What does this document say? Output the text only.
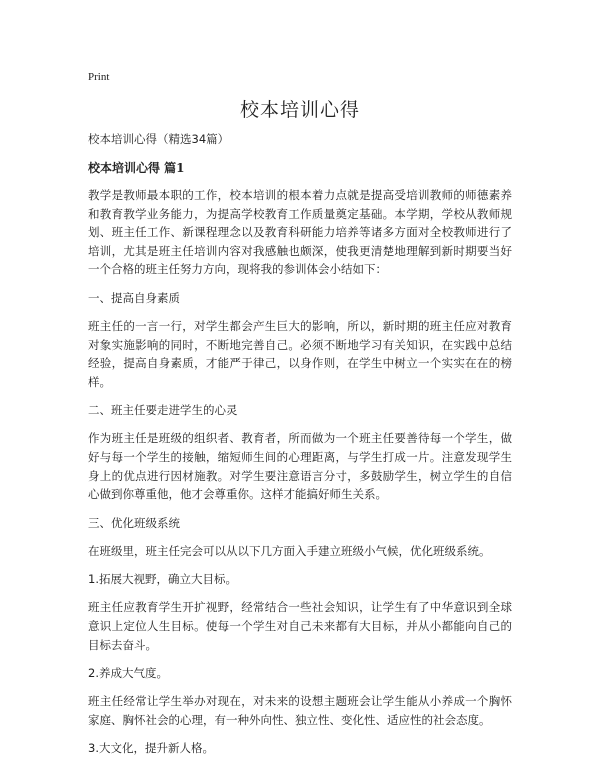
Print
校本培训心得
校本培训心得（精选34篇）
校本培训心得 篇1

教学是教师最本职的工作，校本培训的根本着力点就是提高受培训教师的师德素养和教育教学业务能力，为提高学校教育工作质量奠定基础。本学期，学校从教师规划、班主任工作、新课程理念以及教育科研能力培养等诸多方面对全校教师进行了培训，尤其是班主任培训内容对我感触也颇深，使我更清楚地理解到新时期要当好一个合格的班主任努力方向，现将我的参训体会小结如下：

一、提高自身素质

班主任的一言一行，对学生都会产生巨大的影响，所以，新时期的班主任应对教育对象实施影响的同时，不断地完善自己。必须不断地学习有关知识，在实践中总结经验，提高自身素质，才能严于律己，以身作则，在学生中树立一个实实在在的榜样。

二、班主任要走进学生的心灵

作为班主任是班级的组织者、教育者，所而做为一个班主任要善待每一个学生，做好与每一个学生的接触，缩短师生间的心理距离，与学生打成一片。注意发现学生身上的优点进行因材施教。对学生要注意语言分寸，多鼓励学生，树立学生的自信心做到你尊重他，他才会尊重你。这样才能搞好师生关系。

三、优化班级系统

在班级里，班主任完会可以从以下几方面入手建立班级小气候，优化班级系统。

1.拓展大视野，确立大目标。

班主任应教育学生开扩视野，经常结合一些社会知识，让学生有了中华意识到全球意识上定位人生目标。使每一个学生对自己未来都有大目标，并从小都能向自己的目标去奋斗。

2.养成大气度。

班主任经常让学生举办对现在，对未来的设想主题班会让学生能从小养成一个胸怀家庭、胸怀社会的心理，有一种外向性、独立性、变化性、适应性的社会态度。

3.大文化，提升新人格。
